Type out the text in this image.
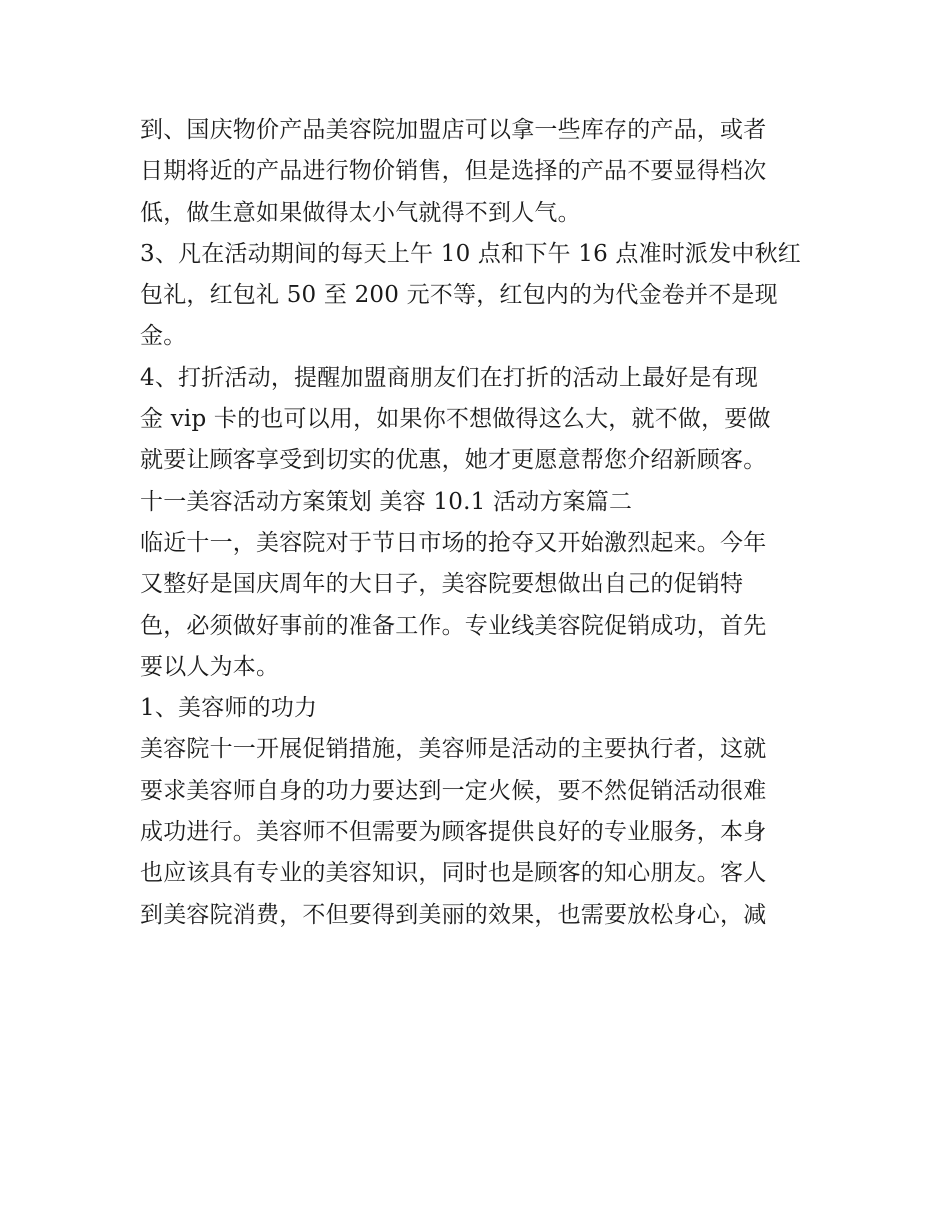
到、国庆物价产品美容院加盟店可以拿一些库存的产品，或者
日期将近的产品进行物价销售，但是选择的产品不要显得档次
低，做生意如果做得太小气就得不到人气。
3、凡在活动期间的每天上午 10 点和下午 16 点准时派发中秋红
包礼，红包礼 50 至 200 元不等，红包内的为代金卷并不是现
金。
4、打折活动，提醒加盟商朋友们在打折的活动上最好是有现
金 vip 卡的也可以用，如果你不想做得这么大，就不做，要做
就要让顾客享受到切实的优惠，她才更愿意帮您介绍新顾客。
十一美容活动方案策划 美容 10.1 活动方案篇二
临近十一，美容院对于节日市场的抢夺又开始激烈起来。今年
又整好是国庆周年的大日子，美容院要想做出自己的促销特
色，必须做好事前的准备工作。专业线美容院促销成功，首先
要以人为本。
1、美容师的功力
美容院十一开展促销措施，美容师是活动的主要执行者，这就
要求美容师自身的功力要达到一定火候，要不然促销活动很难
成功进行。美容师不但需要为顾客提供良好的专业服务，本身
也应该具有专业的美容知识，同时也是顾客的知心朋友。客人
到美容院消费，不但要得到美丽的效果，也需要放松身心，减
